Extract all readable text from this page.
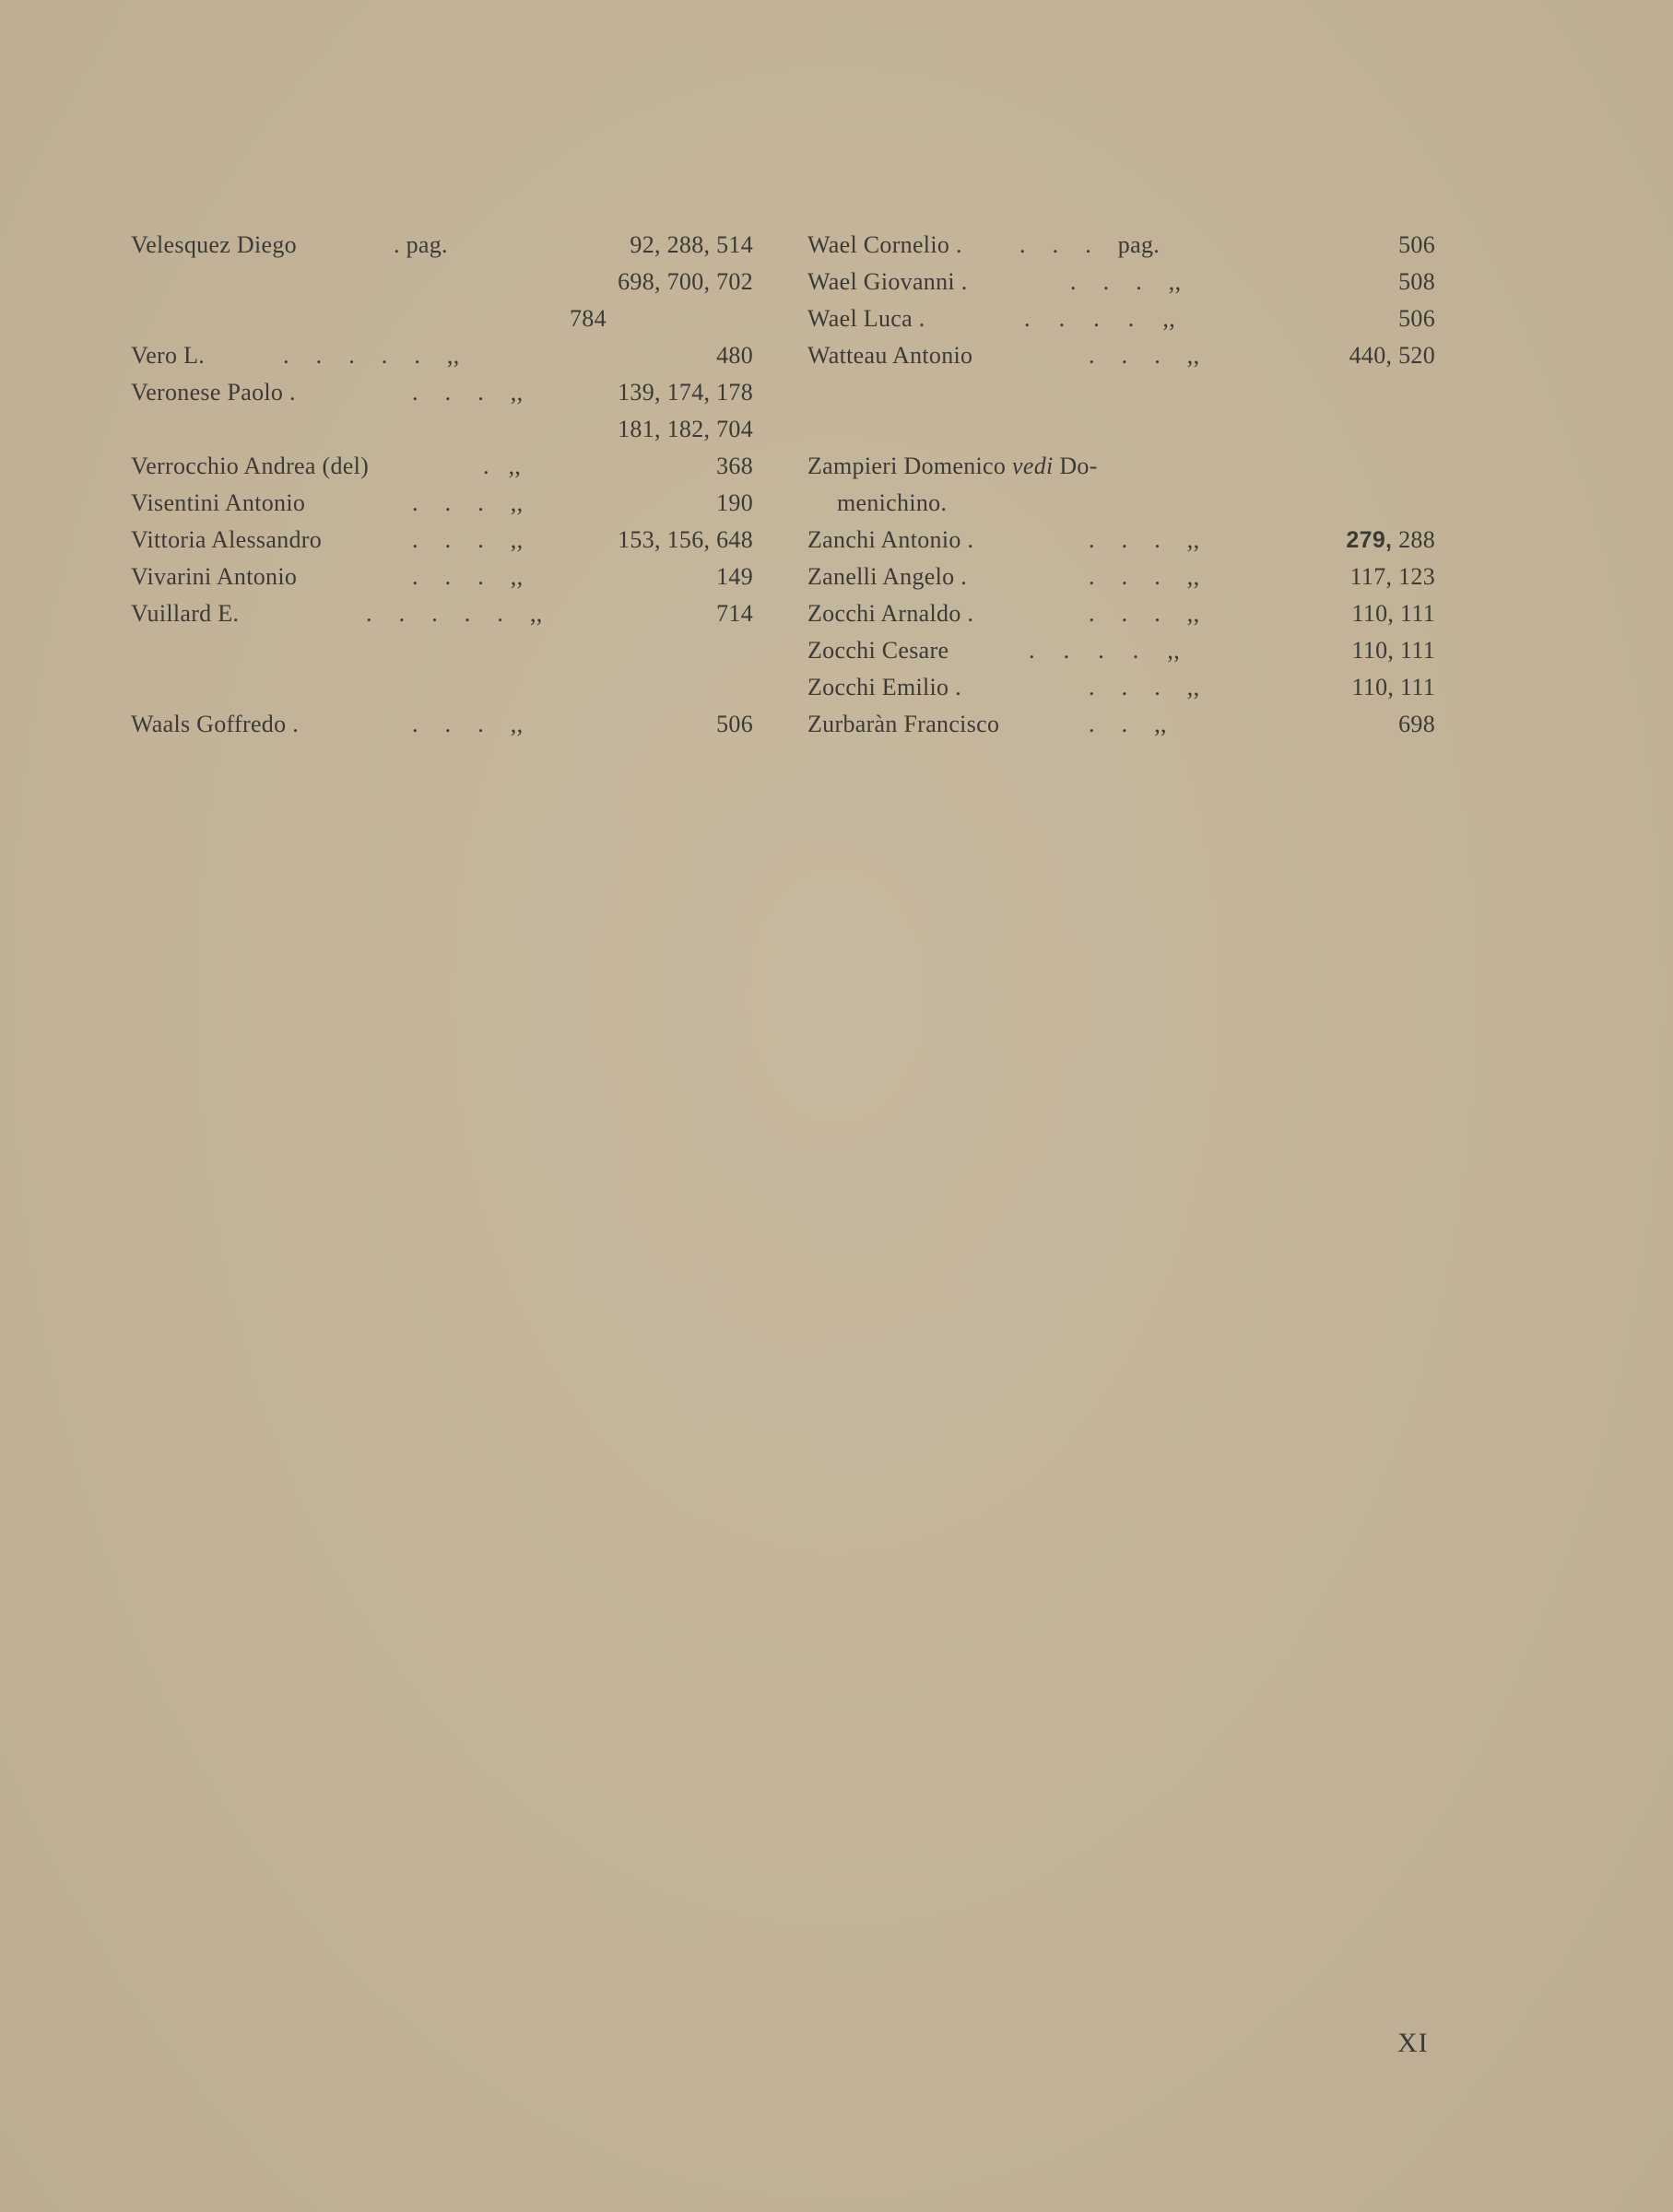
Velesquez Diego	. pag.	92, 288, 514
698, 700, 702
784
Vero L.	. . . . . ,,	480
Veronese Paolo .	. . . ,,	139, 174, 178
181, 182, 704
Verrocchio Andrea (del)	. ,,	368
Visentini Antonio	. . . ,,	190
Vittoria Alessandro	. . . ,,	153, 156, 648
Vivarini Antonio	. . . ,,	149
Vuillard E.	. . . . . ,,	714
Waals Goffredo .	. . . ,,	506
Wael Cornelio . . . . pag.	506
Wael Giovanni .	. . . ,,	508
Wael Luca .	. . . . ,,	506
Watteau Antonio	. . . ,,	440, 520
Zampieri Domenico vedi Do-
menichino.
Zanchi Antonio .	. . . ,,	279, 288
Zanelli Angelo .	. . . ,,	117, 123
Zocchi Arnaldo .	. . . ,,	110, 111
Zocchi Cesare	. . . . ,,	110, 111
Zocchi Emilio .	. . . ,,	110, 111
Zurbaràn Francisco	. . ,,	698
XI
